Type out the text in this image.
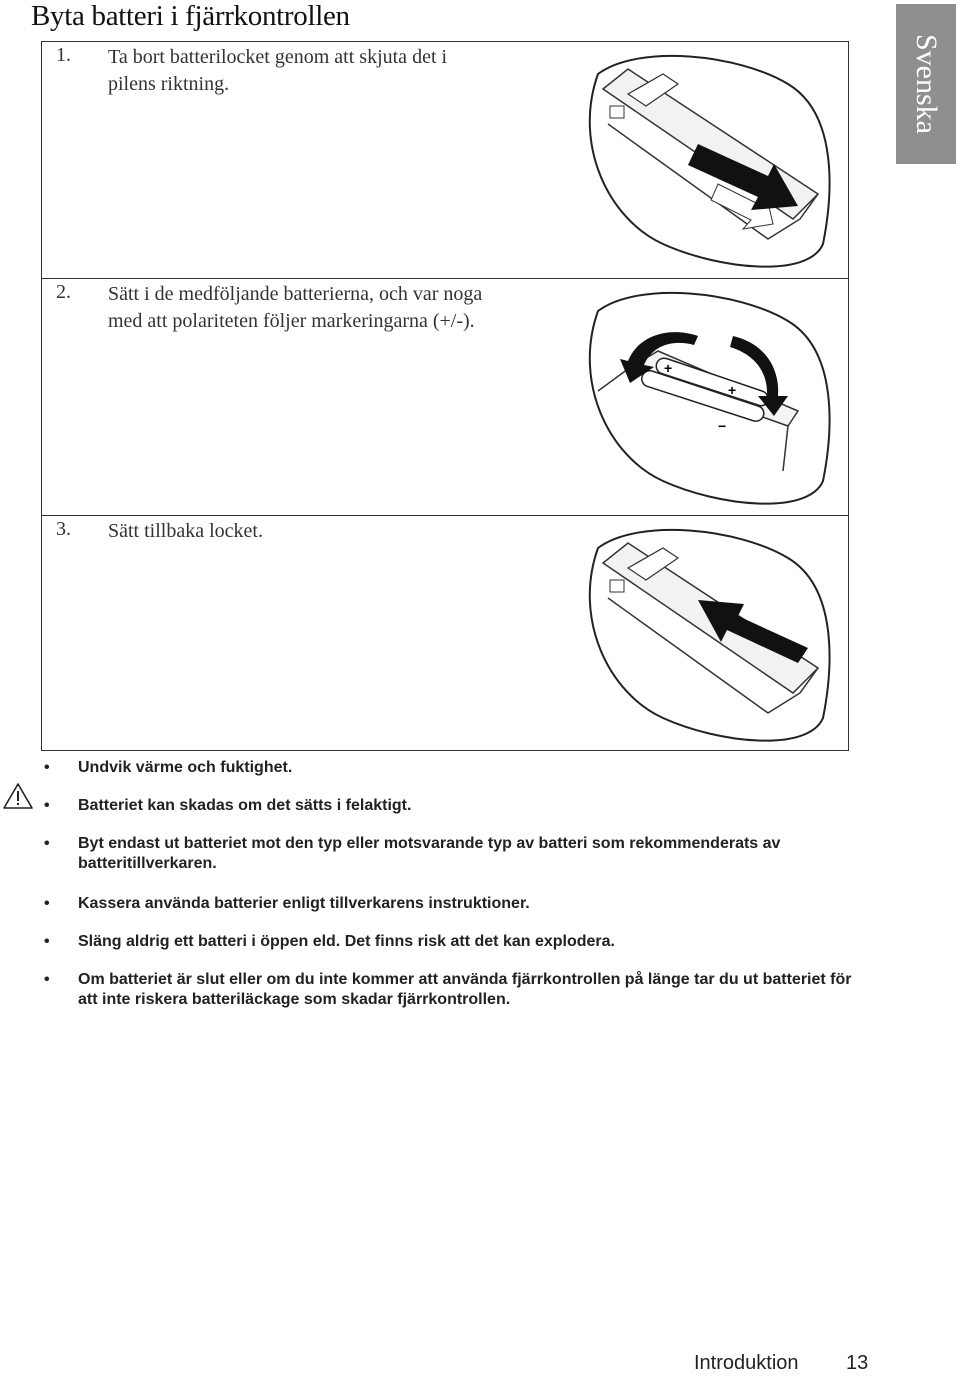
Byta batteri i fjärrkontrollen
Svenska
1. Ta bort batterilocket genom att skjuta det i pilens riktning.
2. Sätt i de medföljande batterierna, och var noga med att polariteten följer markeringarna (+/-).
+
+
−
3. Sätt tillbaka locket.
• Undvik värme och fuktighet.
• Batteriet kan skadas om det sätts i felaktigt.
• Byt endast ut batteriet mot den typ eller motsvarande typ av batteri som rekommenderats av batteritillverkaren.
• Kassera använda batterier enligt tillverkarens instruktioner.
• Släng aldrig ett batteri i öppen eld. Det finns risk att det kan explodera.
• Om batteriet är slut eller om du inte kommer att använda fjärrkontrollen på länge tar du ut batteriet för att inte riskera batteriläckage som skadar fjärrkontrollen.
Introduktion 13
